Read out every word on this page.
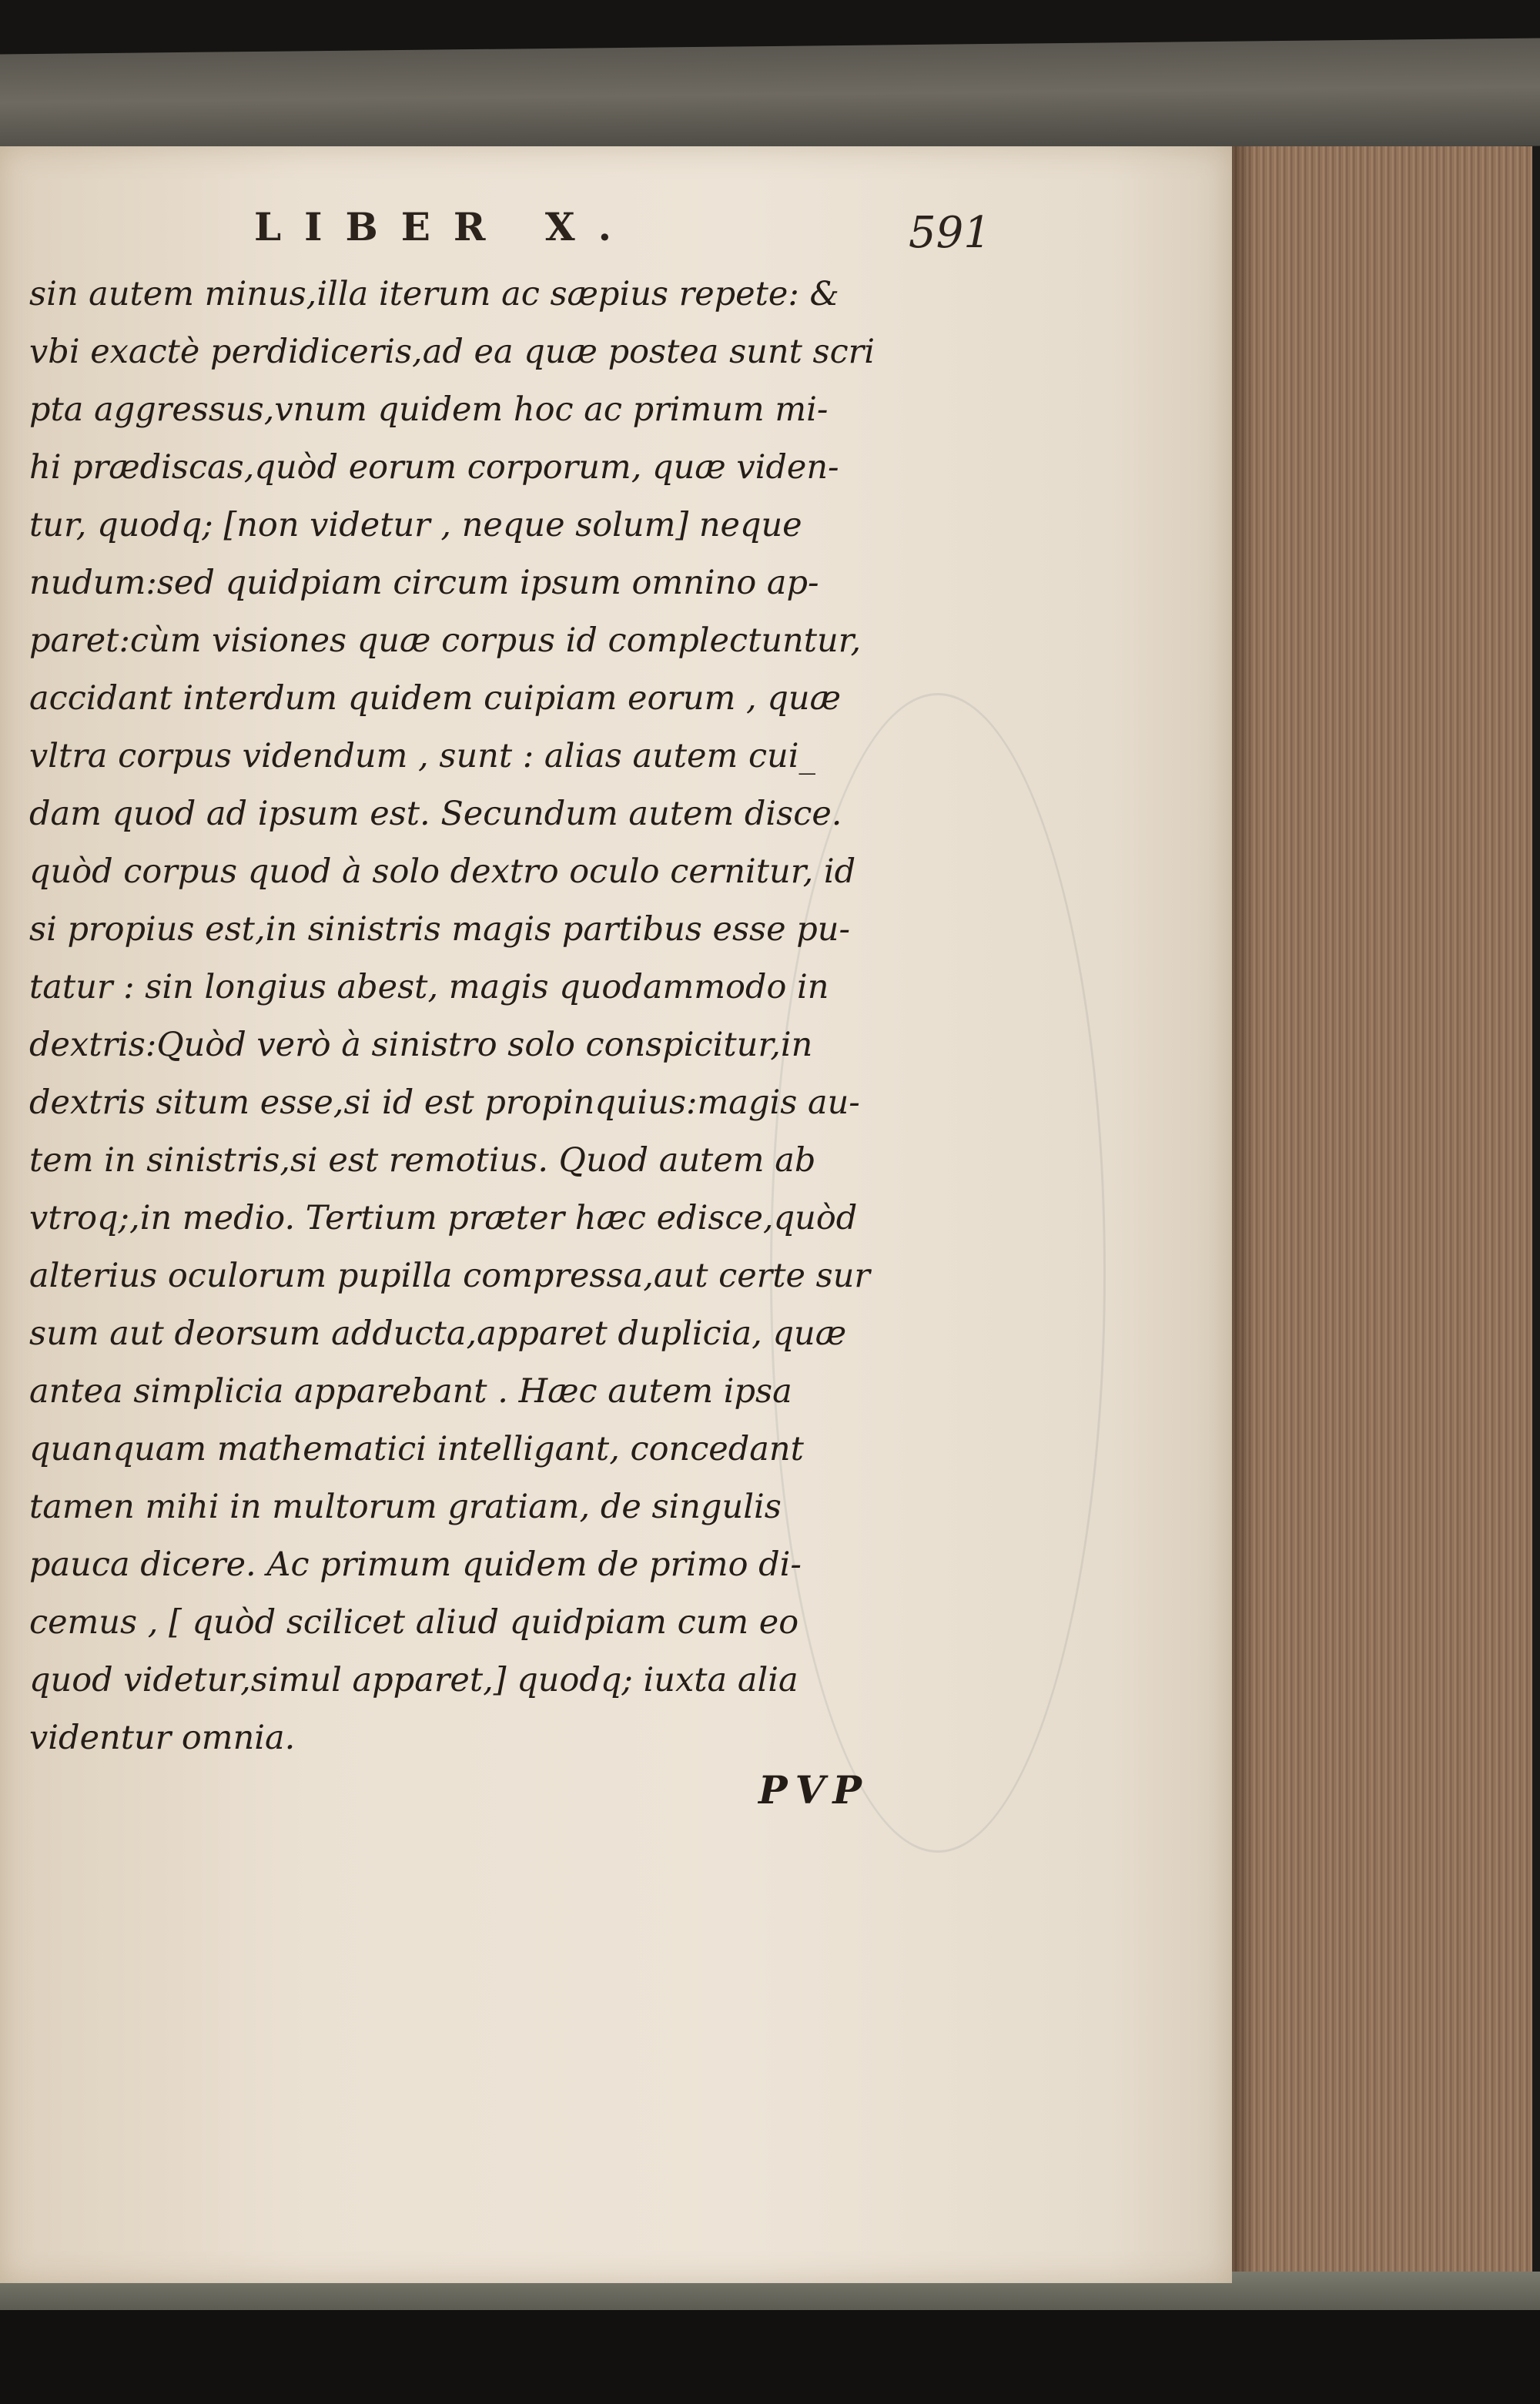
LIBER X.	591
sin autem minus,illa iterum ac sæpius repete: &
vbi exactè perdidiceris,ad ea quæ postea sunt scri
pta aggressus,vnum quidem hoc ac primum mi-
hi prædiscas,quòd eorum corporum, quæ viden-
tur, quodq; [non videtur , neque solum] neque
nudum:sed quidpiam circum ipsum omnino ap-
paret:cùm visiones quæ corpus id complectuntur,
accidant interdum quidem cuipiam eorum , quæ
vltra corpus videndum , sunt : alias autem cui_
dam quod ad ipsum est. Secundum autem disce.
quòd corpus quod à solo dextro oculo cernitur, id
si propius est,in sinistris magis partibus esse pu-
tatur : sin longius abest, magis quodammodo in
dextris:Quòd verò à sinistro solo conspicitur,in
dextris situm esse,si id est propinquius:magis au-
tem in sinistris,si est remotius. Quod autem ab
vtroq;,in medio. Tertium præter hæc edisce,quòd
alterius oculorum pupilla compressa,aut certe sur
sum aut deorsum adducta,apparet duplicia, quæ
antea simplicia apparebant . Hæc autem ipsa
quanquam mathematici intelligant, concedant
tamen mihi in multorum gratiam, de singulis
pauca dicere. Ac primum quidem de primo di-
cemus , [ quòd scilicet aliud quidpiam cum eo
quod videtur,simul apparet,] quodq; iuxta alia
videntur omnia.
PVP
